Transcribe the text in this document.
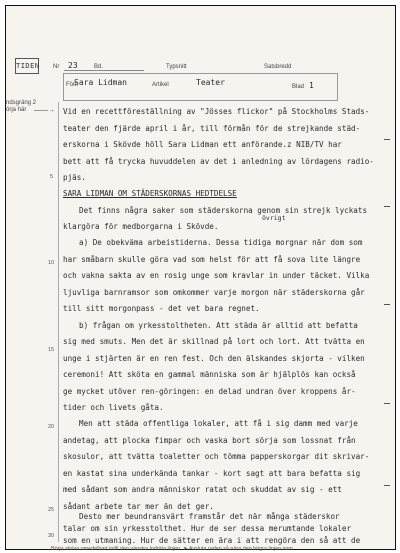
TIDEN Nr 23	Bd.	Typsnitt	Satsbredd
Förf.
Sara Lidman	Artikel	Teater	Blad 1
ndsgräng 2
örja här ——→ Vid en recettföreställning av "Jösses flickor" på Stockholms Stads-
teater den fjärde april i år, till förmån för de strejkande städ-
erskorna i Skövde höll Sara Lidman ett anförande.z NIB/TV har
bett att få trycka huvuddelen av det i anledning av lördagens radio-
pjäs.
SARA LIDMAN OM STÄDERSKORNAS HEDTDELSE
Det finns några saker som städerskorna genom sin strejk lyckats
övrigt
klargöra för medborgarna i Skövde.
a) De obekväma arbeistiderna. Dessa tidiga morgnar när dom som
har småbarn skulle göra vad som helst för att få sova lite längre
och vakna sakta av en rosig unge som kravlar in under täcket. Vilka
ljuvliga barnramsor som omkommer varje morgon när städerskorna går
till sitt morgonpass - det vet bara regnet.
b) frågan om yrkesstoltheten. Att städa är alltid att befatta
sig med smuts. Men det är skillnad på lort och lort. Att tvätta en
unge i stjärten är en ren fest. Och den älskandes skjorta - vilken
ceremoni! Att sköta en gammal människa som är hjälplös kan också
ge mycket utöver ren-göringen: en delad undran över kroppens år-
tider och livets gåta.
Men att städa offentliga lokaler, att få i sig damm med varje
andetag, att plocka fimpar och vaska bort sörja som lossnat från
skosulor, att tvätta toaletter och tömma papperskorgar dit skrivar-
en kastat sina underkända tankar - kort sagt att bara befatta sig
med sådant som andra människor ratat och skuddat av sig - ett
sådant arbete tar mer än det ger.
Desto mer beundransvärt framstår det när många städerskor
talar om sin yrkesstolthet. Hur de ser dessa merumtande lokaler
som en utmaning. Hur de sätter en ära i att rengöra den så att de
5
10
15
20
25
30
Börja skriva omedelbart intill den vänstra lodräta linjen. ➤ Avsluta raden så nära den högra linjen som
